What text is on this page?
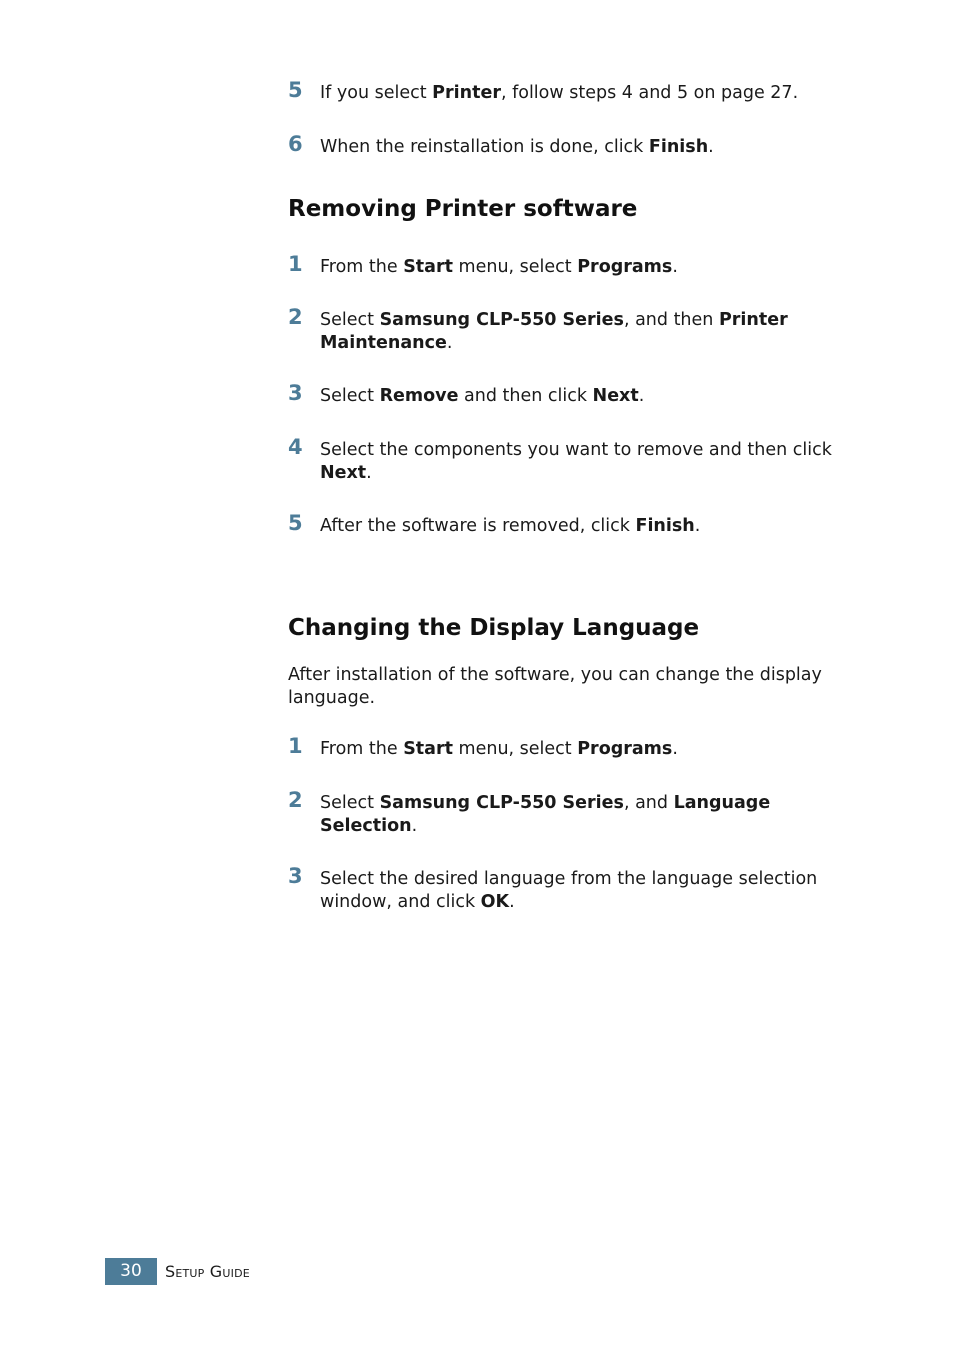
5 If you select Printer, follow steps 4 and 5 on page 27.
6 When the reinstallation is done, click Finish.
Removing Printer software
1 From the Start menu, select Programs.
2 Select Samsung CLP-550 Series, and then Printer Maintenance.
3 Select Remove and then click Next.
4 Select the components you want to remove and then click Next.
5 After the software is removed, click Finish.
Changing the Display Language

After installation of the software, you can change the display language.

1 From the Start menu, select Programs.
2 Select Samsung CLP-550 Series, and Language Selection.
3 Select the desired language from the language selection window, and click OK.
30	Setup Guide
